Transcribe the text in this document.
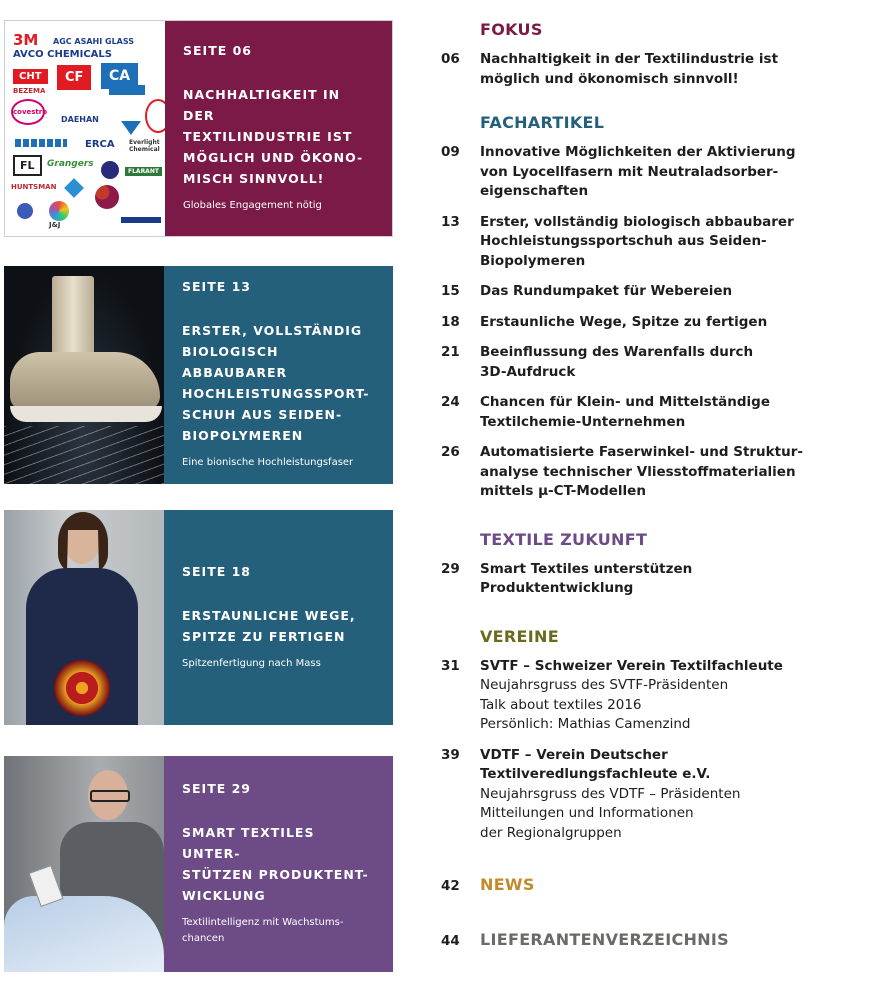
3M AGC ASAHI GLASS
AVCO CHEMICALS
CHT	CF	CA
BEZEMA
covestro
DAEHAN
ERCA Everlight Chemical
FL	Grangers
HUNTSMAN
FLARANT
J&J
SEITE 06
NACHHALTIGKEIT IN DER
TEXTILINDUSTRIE IST
MÖGLICH UND ÖKONO-
MISCH SINNVOLL!
Globales Engagement nötig
SEITE 13
ERSTER, VOLLSTÄNDIG
BIOLOGISCH ABBAUBARER
HOCHLEISTUNGSSPORT-
SCHUH AUS SEIDEN-
BIOPOLYMEREN
Eine bionische Hochleistungsfaser
SEITE 18
ERSTAUNLICHE WEGE,
SPITZE ZU FERTIGEN
Spitzenfertigung nach Mass
SEITE 29
SMART TEXTILES UNTER-
STÜTZEN PRODUKTENT-
WICKLUNG
Textilintelligenz mit Wachstums-
chancen
FOKUS
06	Nachhaltigkeit in der Textilindustrie ist
möglich und ökonomisch sinnvoll!
FACHARTIKEL
09	Innovative Möglichkeiten der Aktivierung
von Lyocellfasern mit Neutraladsorber-
eigenschaften
13	Erster, vollständig biologisch abbaubarer
Hochleistungssportschuh aus Seiden-
Biopolymeren
15	Das Rundumpaket für Webereien
18	Erstaunliche Wege, Spitze zu fertigen
21	Beeinflussung des Warenfalls durch
3D-Aufdruck
24	Chancen für Klein- und Mittelständige
Textilchemie-Unternehmen
26	Automatisierte Faserwinkel- und Struktur-
analyse technischer Vliesstoffmaterialien
mittels µ-CT-Modellen
TEXTILE ZUKUNFT
29	Smart Textiles unterstützen
Produktentwicklung
VEREINE
31	SVTF – Schweizer Verein Textilfachleute
Neujahrsgruss des SVTF-Präsidenten
Talk about textiles 2016
Persönlich: Mathias Camenzind
39	VDTF – Verein Deutscher
Textilveredlungsfachleute e.V.
Neujahrsgruss des VDTF – Präsidenten
Mitteilungen und Informationen
der Regionalgruppen
42	NEWS
44	LIEFERANTENVERZEICHNIS
